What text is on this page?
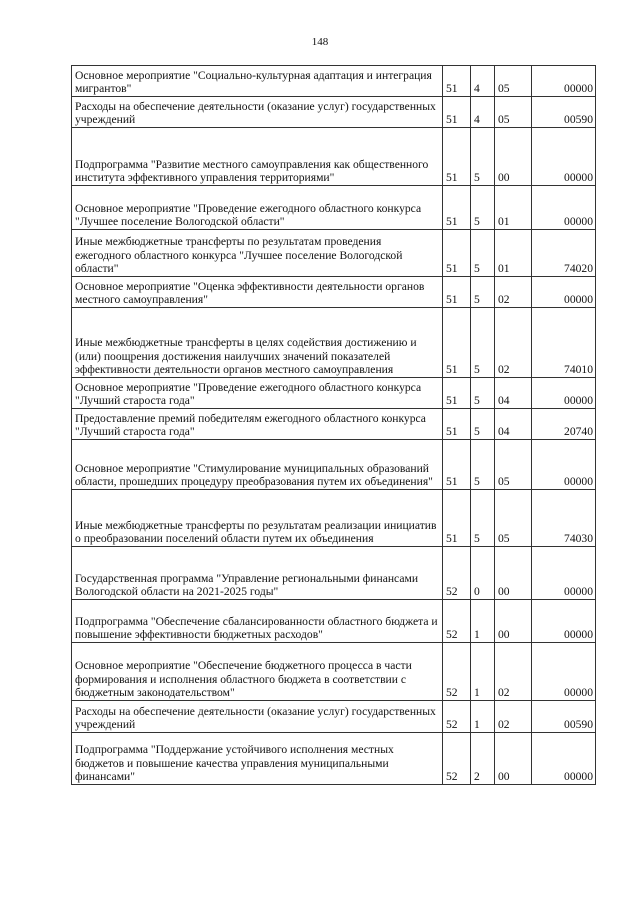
148
Основное мероприятие "Социально-культурная адаптация и интеграция мигрантов"	51	4	05	00000
Расходы на обеспечение деятельности (оказание услуг) государственных учреждений	51	4	05	00590
Подпрограмма "Развитие местного самоуправления как общественного института эффективного управления территориями"	51	5	00	00000
Основное мероприятие "Проведение ежегодного областного конкурса "Лучшее поселение Вологодской области"	51	5	01	00000
Иные межбюджетные трансферты по результатам проведения ежегодного областного конкурса "Лучшее поселение Вологодской области"	51	5	01	74020
Основное мероприятие "Оценка эффективности деятельности органов местного самоуправления"	51	5	02	00000
Иные межбюджетные трансферты в целях содействия достижению и (или) поощрения достижения наилучших значений показателей эффективности деятельности органов местного самоуправления	51	5	02	74010
Основное мероприятие "Проведение ежегодного областного конкурса "Лучший староста года"	51	5	04	00000
Предоставление премий победителям ежегодного областного конкурса "Лучший староста года"	51	5	04	20740
Основное мероприятие "Стимулирование муниципальных образований области, прошедших процедуру преобразования путем их объединения"	51	5	05	00000
Иные межбюджетные трансферты по результатам реализации инициатив о преобразовании поселений области путем их объединения	51	5	05	74030
Государственная программа "Управление региональными финансами Вологодской области на 2021-2025 годы"	52	0	00	00000
Подпрограмма "Обеспечение сбалансированности областного бюджета и повышение эффективности бюджетных расходов"	52	1	00	00000
Основное мероприятие "Обеспечение бюджетного процесса в части формирования и исполнения областного бюджета в соответствии с бюджетным законодательством"	52	1	02	00000
Расходы на обеспечение деятельности (оказание услуг) государственных учреждений	52	1	02	00590
Подпрограмма "Поддержание устойчивого исполнения местных бюджетов и повышение качества управления муниципальными финансами"	52	2	00	00000
